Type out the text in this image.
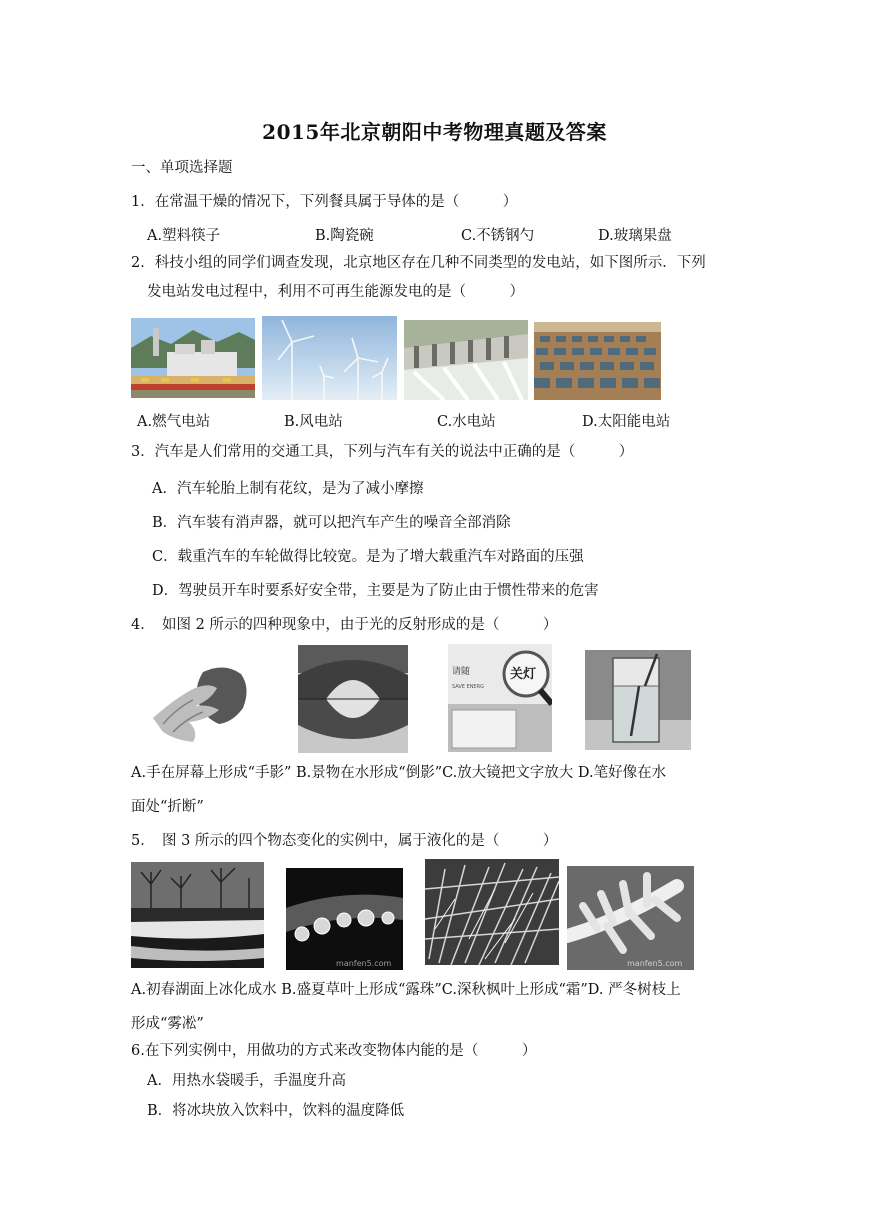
2015年北京朝阳中考物理真题及答案
一、单项选择题
1．在常温干燥的情况下，下列餐具属于导体的是（　　　）
A.塑料筷子	B.陶瓷碗	C.不锈钢勺	D.玻璃果盘
2．科技小组的同学们调查发现，北京地区存在几种不同类型的发电站，如下图所示．下列
发电站发电过程中，利用不可再生能源发电的是（　　　）
A.燃气电站	B.风电站	C.水电站	D.太阳能电站
3．汽车是人们常用的交通工具，下列与汽车有关的说法中正确的是（　　　）
A．汽车轮胎上制有花纹，是为了减小摩擦
B．汽车装有消声器，就可以把汽车产生的噪音全部消除
C．载重汽车的车轮做得比较宽。是为了增大载重汽车对路面的压强
D．驾驶员开车时要系好安全带，主要是为了防止由于惯性带来的危害
4．　如图 2 所示的四种现象中，由于光的反射形成的是（　　　）
请随	关灯
SAVE ENERG
A.手在屏幕上形成“手影” B.景物在水形成“倒影”C.放大镜把文字放大 D.笔好像在水
面处“折断”
5．　图 3 所示的四个物态变化的实例中，属于液化的是（　　　）
manfen5.com	manfen5.com
A.初春湖面上冰化成水 B.盛夏草叶上形成“露珠”C.深秋枫叶上形成“霜”D. 严冬树枝上
形成“雾凇”
6.在下列实例中，用做功的方式来改变物体内能的是（　　　）
A．用热水袋暖手，手温度升高
B．将冰块放入饮料中，饮料的温度降低
